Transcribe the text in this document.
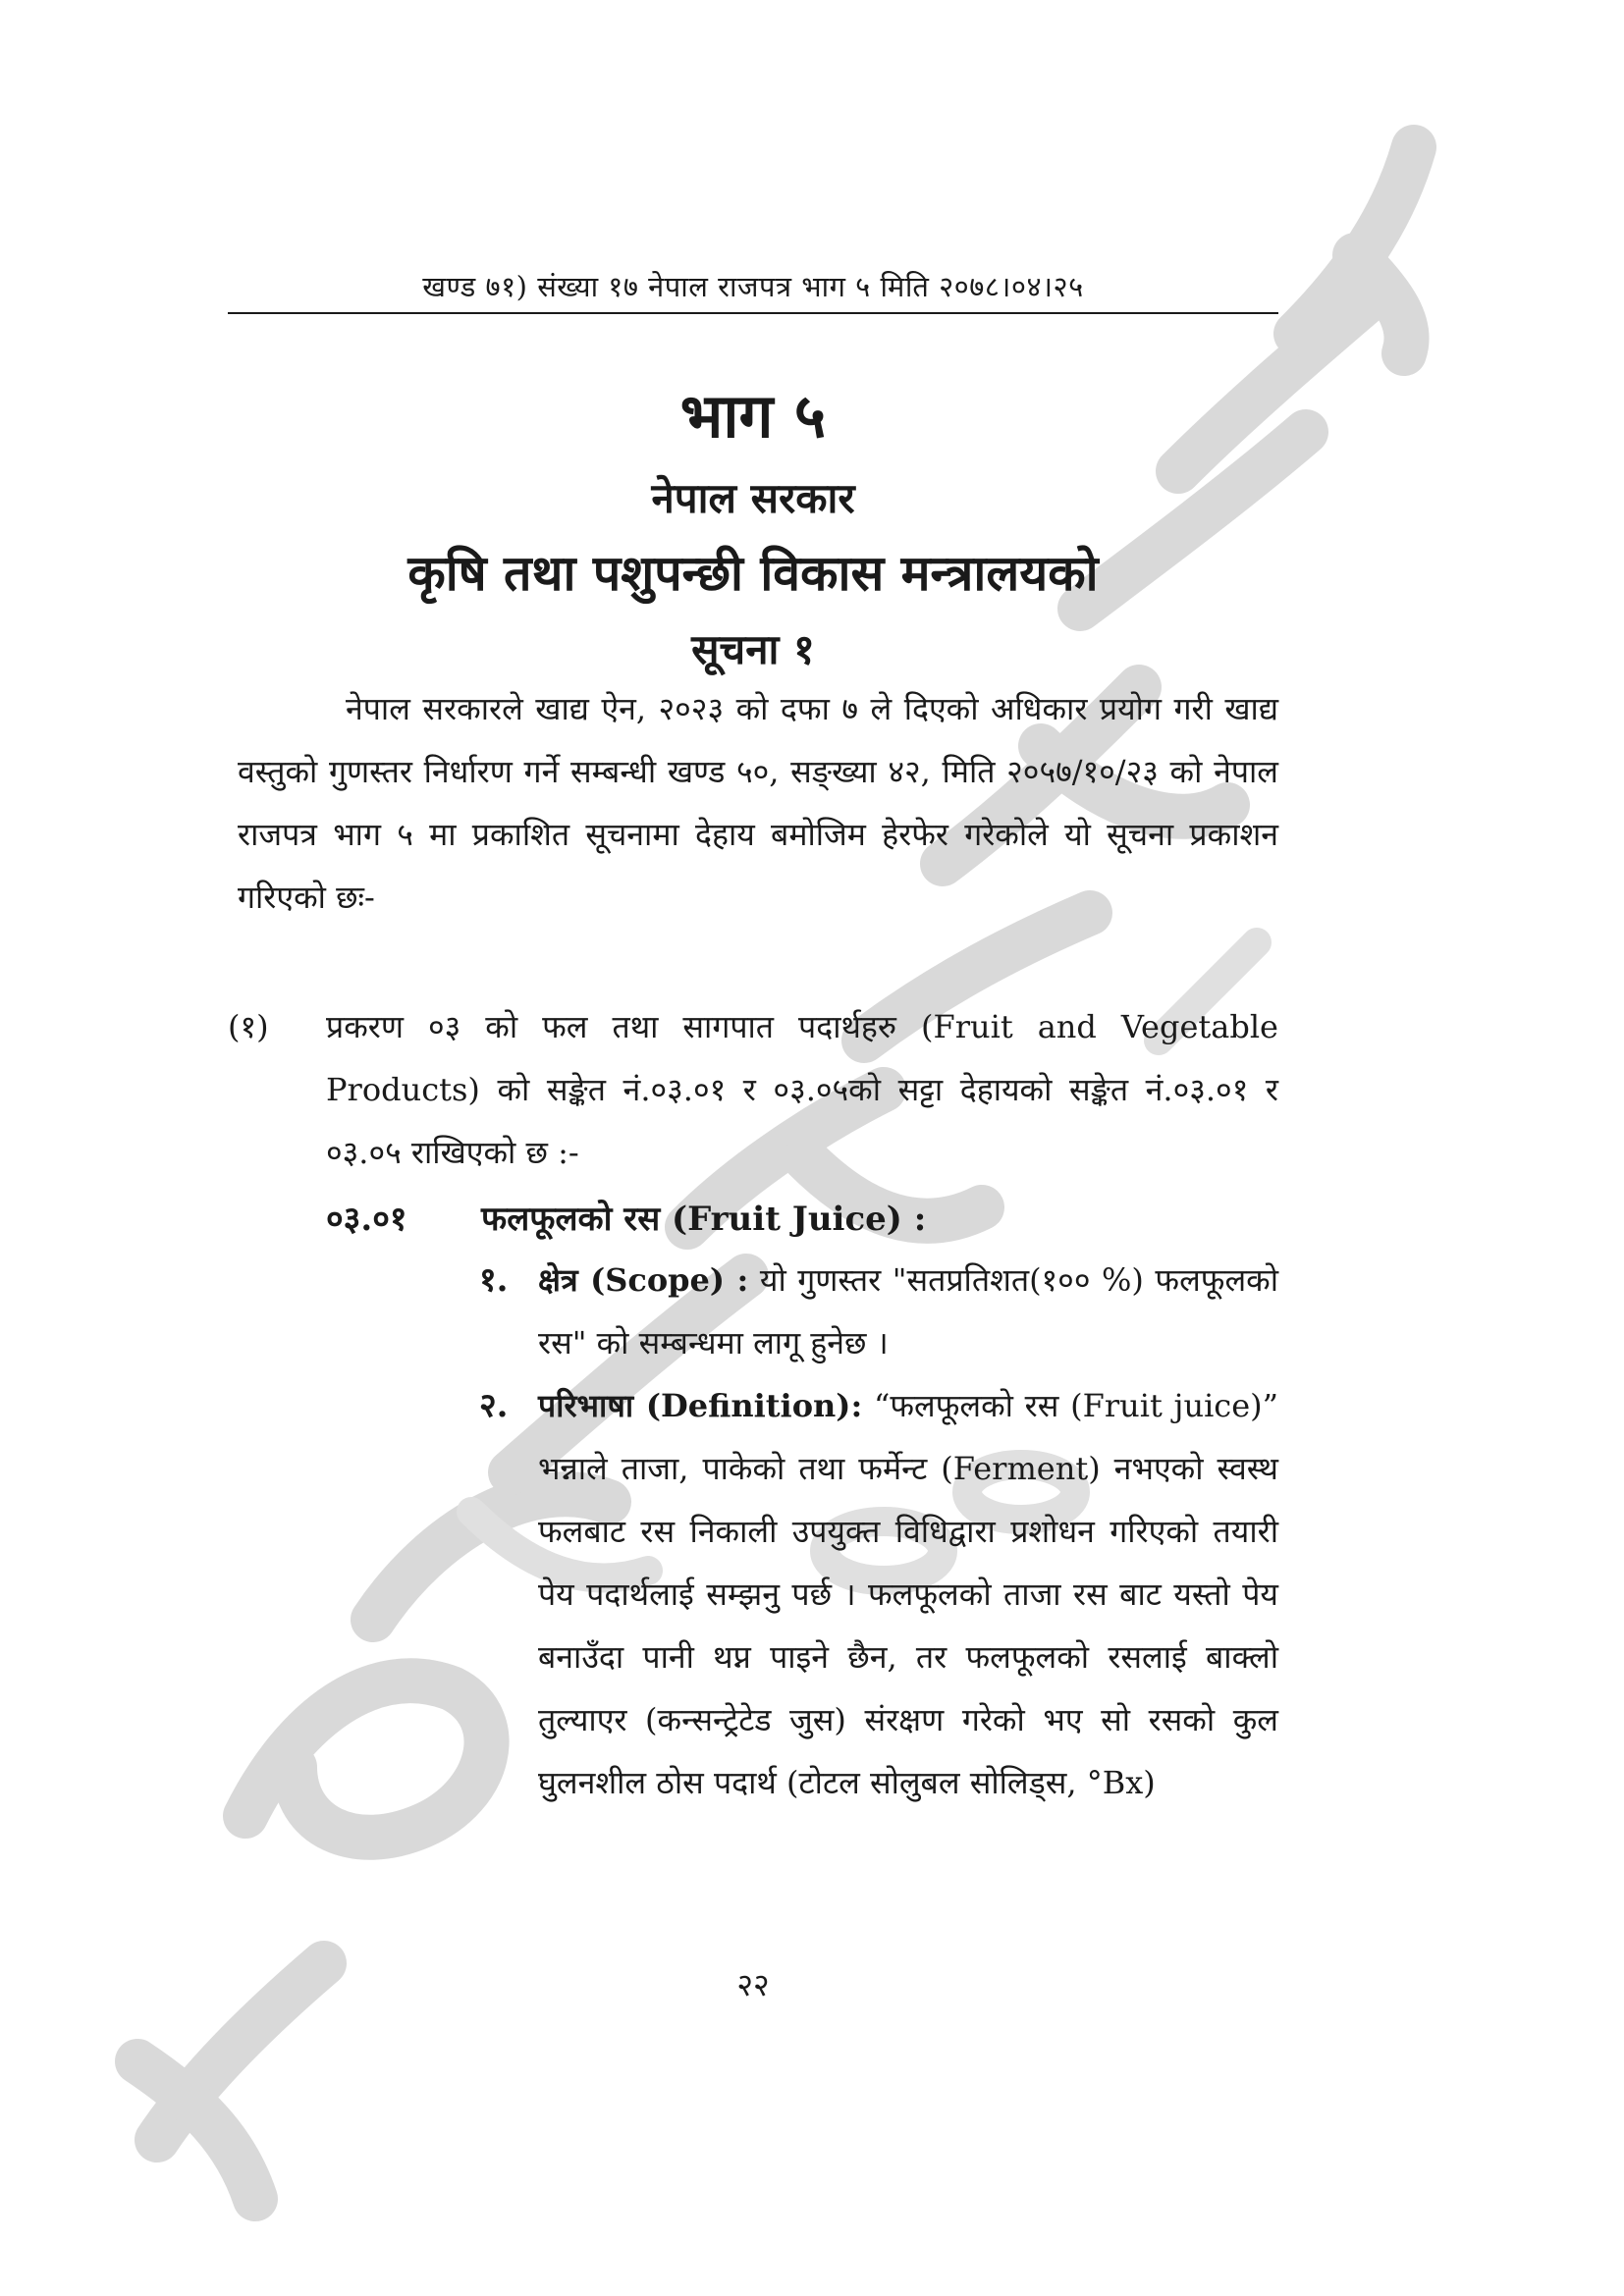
खण्ड ७१) संख्या १७ नेपाल राजपत्र भाग ५ मिति २०७८।०४।२५
भाग ५
नेपाल सरकार
कृषि तथा पशुपन्छी विकास मन्त्रालयको
सूचना १
नेपाल सरकारले खाद्य ऐन, २०२३ को दफा ७ ले दिएको अधिकार प्रयोग गरी खाद्य वस्तुको गुणस्तर निर्धारण गर्ने सम्बन्धी खण्ड ५०, सङ्ख्या ४२, मिति २०५७/१०/२३ को नेपाल राजपत्र भाग ५ मा प्रकाशित सूचनामा देहाय बमोजिम हेरफेर गरेकोले यो सूचना प्रकाशन गरिएको छः-
(१) प्रकरण ०३ को फल तथा सागपात पदार्थहरु (Fruit and Vegetable Products) को सङ्केत नं.०३.०१ र ०३.०५को सट्टा देहायको सङ्केत नं.०३.०१ र ०३.०५ राखिएको छ :-
०३.०१ फलफूलको रस (Fruit Juice) :
१. क्षेत्र (Scope) : यो गुणस्तर "सतप्रतिशत(१०० %) फलफूलको रस" को सम्बन्धमा लागू हुनेछ ।
२. परिभाषा (Definition): “फलफूलको रस (Fruit juice)” भन्नाले ताजा, पाकेको तथा फर्मेन्ट (Ferment) नभएको स्वस्थ फलबाट रस निकाली उपयुक्त विधिद्वारा प्रशोधन गरिएको तयारी पेय पदार्थलाई सम्झनु पर्छ । फलफूलको ताजा रस बाट यस्तो पेय बनाउँदा पानी थप्न पाइने छैन, तर फलफूलको रसलाई बाक्लो तुल्याएर (कन्सन्ट्रेटेड जुस) संरक्षण गरेको भए सो रसको कुल घुलनशील ठोस पदार्थ (टोटल सोलुबल सोलिड्स, °Bx)
२२
